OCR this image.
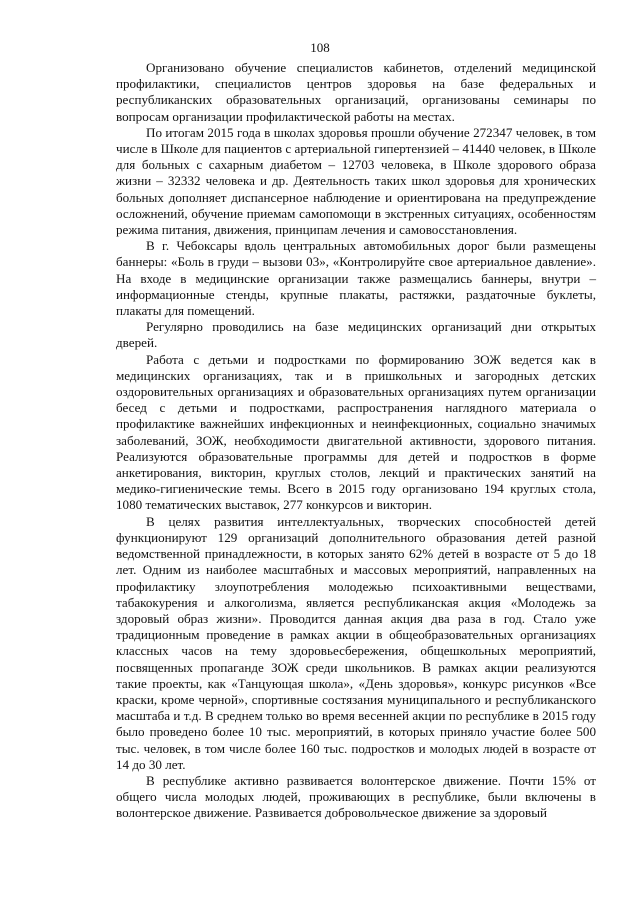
108

Организовано обучение специалистов кабинетов, отделений медицинской профилактики, специалистов центров здоровья на базе федеральных и республиканских образовательных организаций, организованы семинары по вопросам организации профилактической работы на местах.

По итогам 2015 года в школах здоровья прошли обучение 272347 человек, в том числе в Школе для пациентов с артериальной гипертензией – 41440 человек, в Школе для больных с сахарным диабетом – 12703 человека, в Школе здорового образа жизни – 32332 человека и др. Деятельность таких школ здоровья для хронических больных дополняет диспансерное наблюдение и ориентирована на предупреждение осложнений, обучение приемам самопомощи в экстренных ситуациях, особенностям режима питания, движения, принципам лечения и самовосстановления.

В г. Чебоксары вдоль центральных автомобильных дорог были размещены баннеры: «Боль в груди – вызови 03», «Контролируйте свое артериальное давление». На входе в медицинские организации также размещались баннеры, внутри – информационные стенды, крупные плакаты, растяжки, раздаточные буклеты, плакаты для помещений.

Регулярно проводились на базе медицинских организаций дни открытых дверей.

Работа с детьми и подростками по формированию ЗОЖ ведется как в медицинских организациях, так и в пришкольных и загородных детских оздоровительных организациях и образовательных организациях путем организации бесед с детьми и подростками, распространения наглядного материала о профилактике важнейших инфекционных и неинфекционных, социально значимых заболеваний, ЗОЖ, необходимости двигательной активности, здорового питания. Реализуются образовательные программы для детей и подростков в форме анкетирования, викторин, круглых столов, лекций и практических занятий на медико-гигиенические темы. Всего в 2015 году организовано 194 круглых стола, 1080 тематических выставок, 277 конкурсов и викторин.

В целях развития интеллектуальных, творческих способностей детей функционируют 129 организаций дополнительного образования детей разной ведомственной принадлежности, в которых занято 62% детей в возрасте от 5 до 18 лет. Одним из наиболее масштабных и массовых мероприятий, направленных на профилактику злоупотребления молодежью психоактивными веществами, табакокурения и алкоголизма, является республиканская акция «Молодежь за здоровый образ жизни». Проводится данная акция два раза в год. Стало уже традиционным проведение в рамках акции в общеобразовательных организациях классных часов на тему здоровьесбережения, общешкольных мероприятий, посвященных пропаганде ЗОЖ среди школьников. В рамках акции реализуются такие проекты, как «Танцующая школа», «День здоровья», конкурс рисунков «Все краски, кроме черной», спортивные состязания муниципального и республиканского масштаба и т.д. В среднем только во время весенней акции по республике в 2015 году было проведено более 10 тыс. мероприятий, в которых приняло участие более 500 тыс. человек, в том числе более 160 тыс. подростков и молодых людей в возрасте от 14 до 30 лет.

В республике активно развивается волонтерское движение. Почти 15% от общего числа молодых людей, проживающих в республике, были включены в волонтерское движение. Развивается добровольческое движение за здоровый
